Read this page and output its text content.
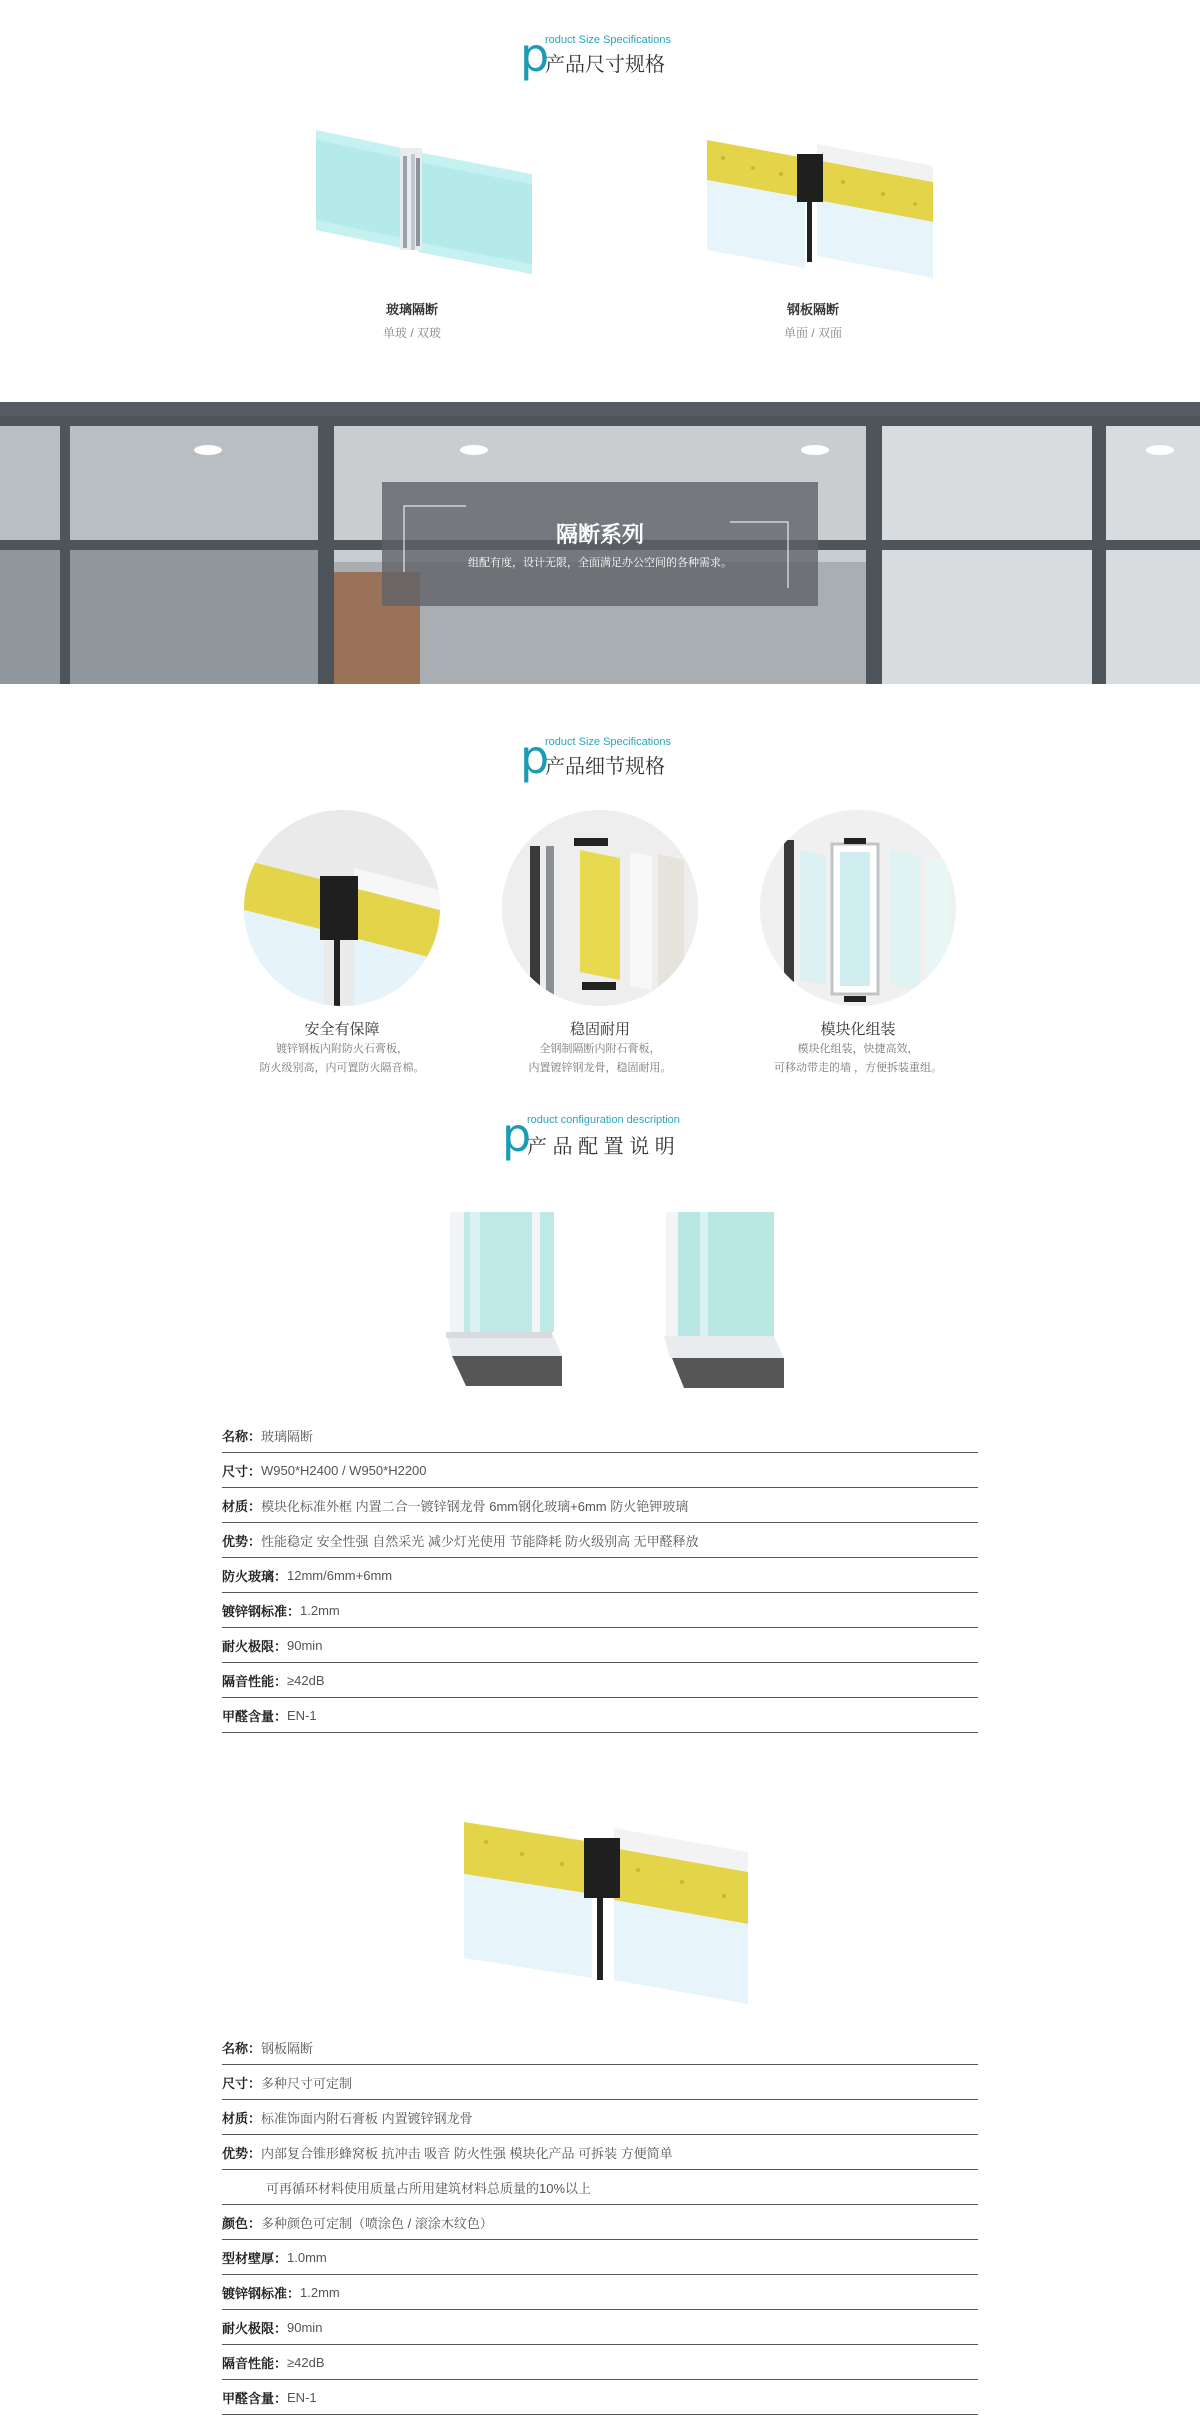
p
roduct Size Specifications
产品尺寸规格
玻璃隔断
单玻 / 双玻
钢板隔断
单面 / 双面
隔断系列
组配有度，设计无限，全面满足办公空间的各种需求。
p
roduct Size Specifications
产品细节规格
安全有保障
镀锌钢板内附防火石膏板，
防火级别高，内可置防火隔音棉。
稳固耐用
全钢制隔断内附石膏板，
内置镀锌钢龙骨，稳固耐用。
模块化组装
模块化组装，快捷高效，
可移动带走的墙 ，方便拆装重组。
p
roduct configuration description
产 品 配 置 说 明
名称： 玻璃隔断
尺寸： W950*H2400 / W950*H2200
材质： 模块化标准外框 内置二合一镀锌钢龙骨 6mm钢化玻璃+6mm 防火铯钾玻璃
优势： 性能稳定 安全性强 自然采光 减少灯光使用 节能降耗 防火级别高 无甲醛释放
防火玻璃： 12mm/6mm+6mm
镀锌钢标准： 1.2mm
耐火极限： 90min
隔音性能： ≥42dB
甲醛含量： EN-1
名称： 钢板隔断
尺寸： 多种尺寸可定制
材质： 标准饰面内附石膏板 内置镀锌钢龙骨
优势： 内部复合锥形蜂窝板 抗冲击 吸音 防火性强 模块化产品 可拆装 方便简单
可再循环材料使用质量占所用建筑材料总质量的10%以上
颜色： 多种颜色可定制（喷涂色 / 滚涂木纹色）
型材壁厚： 1.0mm
镀锌钢标准： 1.2mm
耐火极限： 90min
隔音性能： ≥42dB
甲醛含量： EN-1
